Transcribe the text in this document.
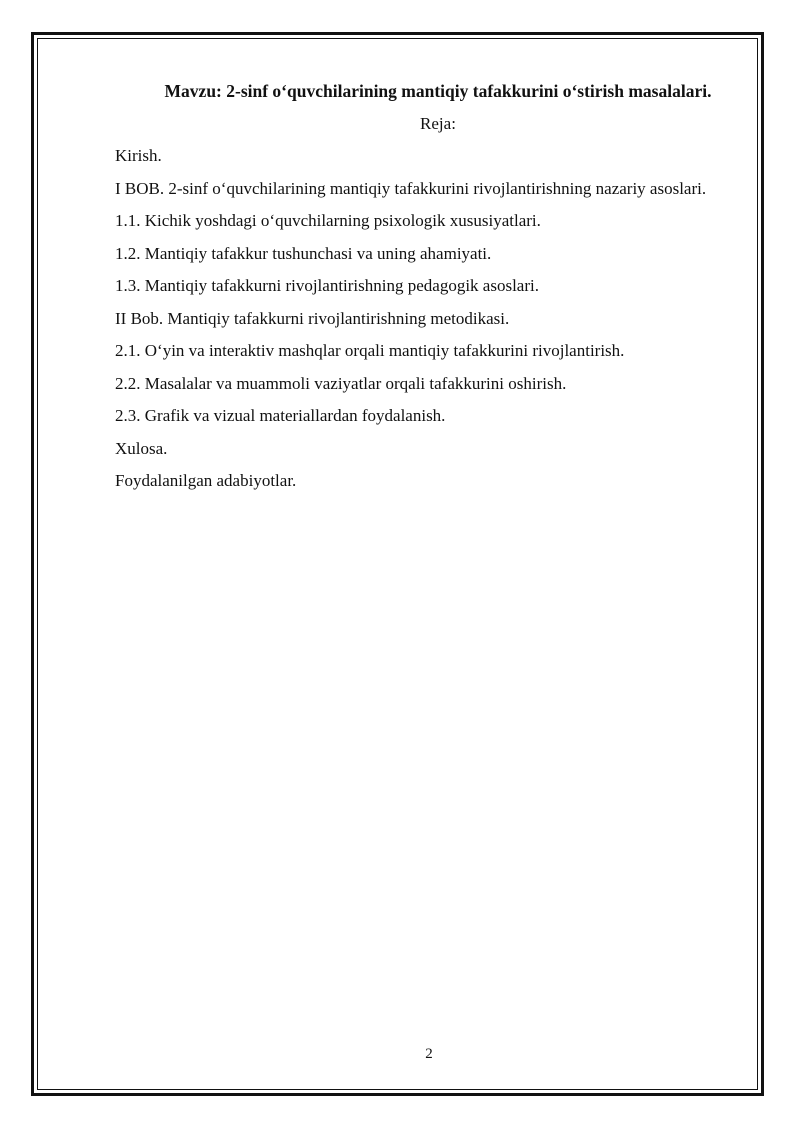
Mavzu: 2-sinf o‘quvchilarining mantiqiy tafakkurini o‘stirish masalalari.

Reja:

Kirish.
I BOB. 2-sinf o‘quvchilarining mantiqiy tafakkurini rivojlantirishning nazariy asoslari.
1.1. Kichik yoshdagi o‘quvchilarning psixologik xususiyatlari.
1.2. Mantiqiy tafakkur tushunchasi va uning ahamiyati.
1.3. Mantiqiy tafakkurni rivojlantirishning pedagogik asoslari.
II Bob. Mantiqiy tafakkurni rivojlantirishning metodikasi.
2.1. O‘yin va interaktiv mashqlar orqali mantiqiy tafakkurini rivojlantirish.
2.2. Masalalar va muammoli vaziyatlar orqali tafakkurini oshirish.
2.3. Grafik va vizual materiallardan foydalanish.
Xulosa.
Foydalanilgan adabiyotlar.
2
